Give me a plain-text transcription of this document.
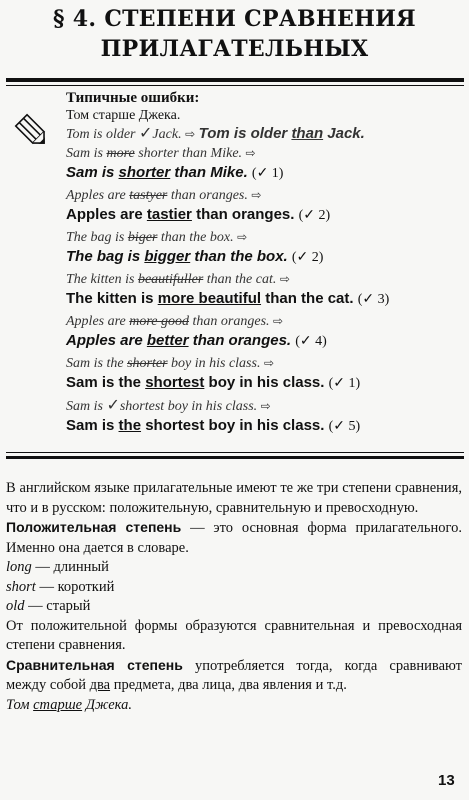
§ 4. СТЕПЕНИ СРАВНЕНИЯ
ПРИЛАГАТЕЛЬНЫХ
Типичные ошибки:
Том старше Джека.
Tom is older ✓Jack. ⇨ Tom is older than Jack.
Sam is more shorter than Mike. ⇨
Sam is shorter than Mike. (✓ 1)
Apples are tastyer than oranges. ⇨
Apples are tastier than oranges. (✓ 2)
The bag is biger than the box. ⇨
The bag is bigger than the box. (✓ 2)
The kitten is beautifuller than the cat. ⇨
The kitten is more beautiful than the cat. (✓ 3)
Apples are more good than oranges. ⇨
Apples are better than oranges. (✓ 4)
Sam is the shorter boy in his class. ⇨
Sam is the shortest boy in his class. (✓ 1)
Sam is ✓shortest boy in his class. ⇨
Sam is the shortest boy in his class. (✓ 5)

В английском языке прилагательные имеют те же три степени сравнения, что и в русском: положительную, сравнительную и превосходную.

Положительная степень — это основная форма прилагательного. Именно она дается в словаре.

long — длинный

short — короткий

old — старый

От положительной формы образуются сравнительная и превосходная степени сравнения.

Сравнительная степень употребляется тогда, когда сравнивают между собой два предмета, два лица, два явления и т.д.

Том старше Джека.

13
